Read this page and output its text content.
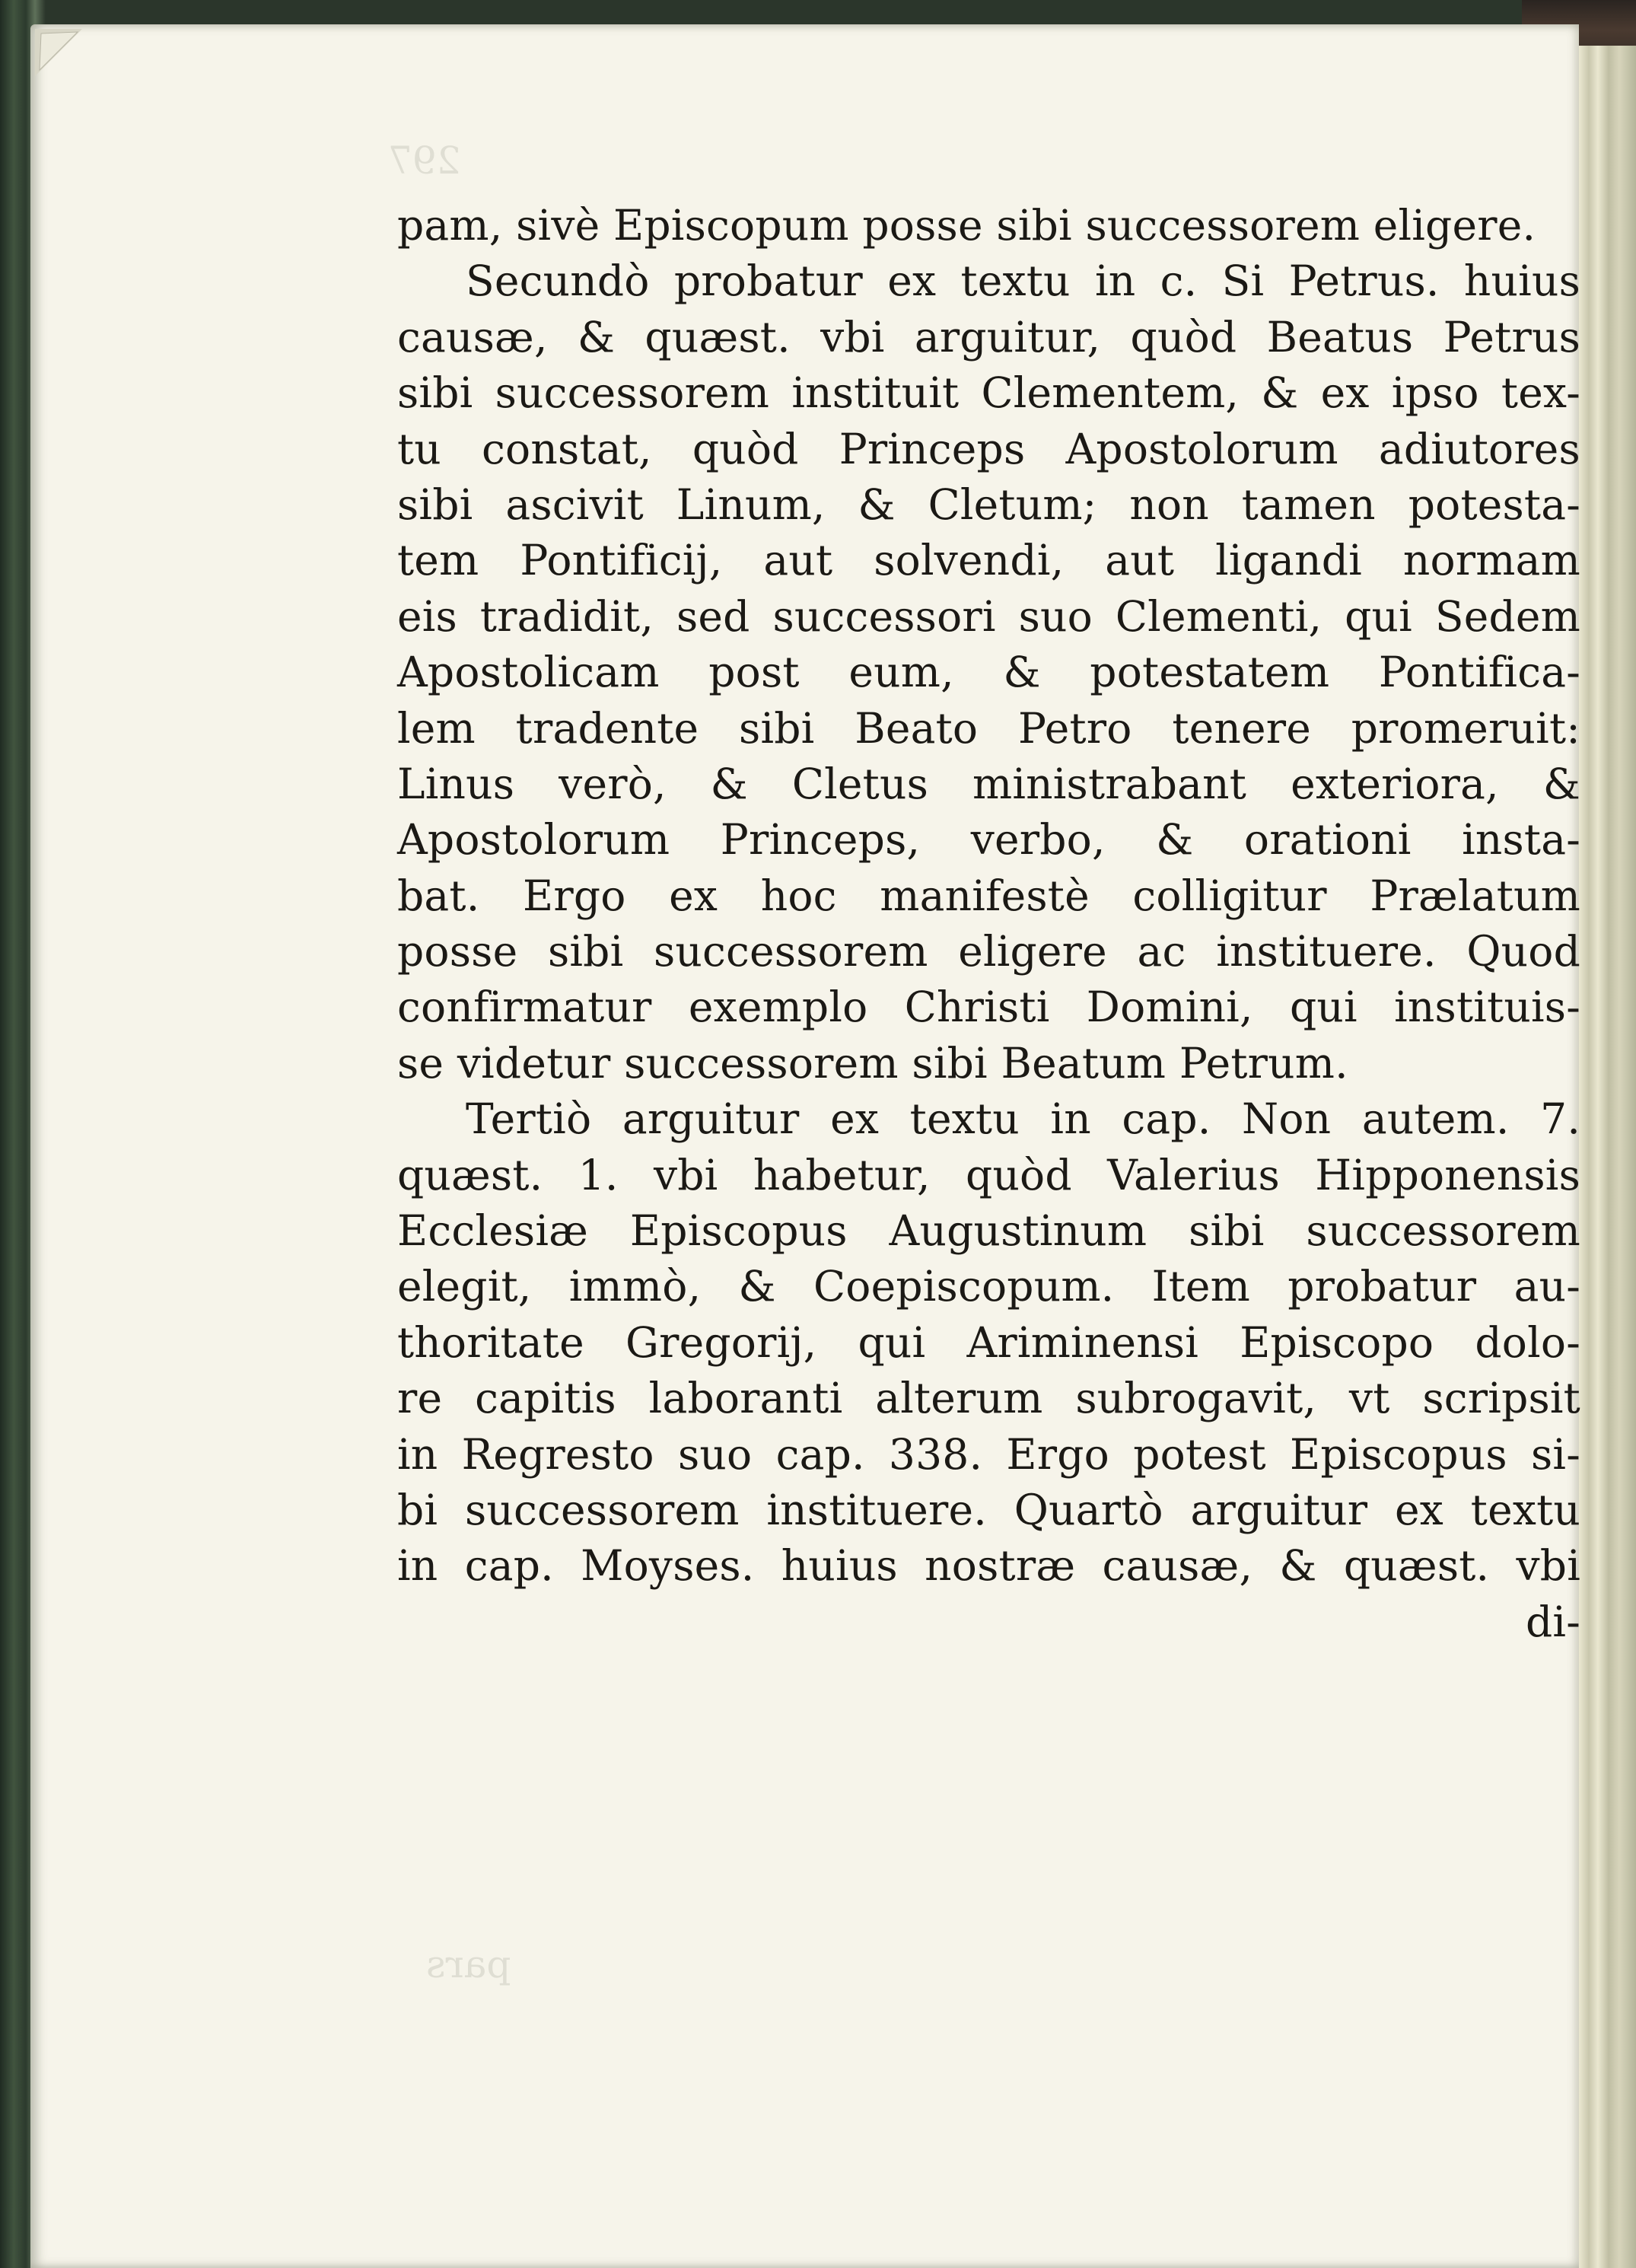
297
pars
pam, sivè Episcopum posse sibi successorem eligere.
Secundò probatur ex textu in c. Si Petrus. huius
causæ, & quæst. vbi arguitur, quòd Beatus Petrus
sibi successorem instituit Clementem, & ex ipso tex-
tu constat, quòd Princeps Apostolorum adiutores
sibi ascivit Linum, & Cletum; non tamen potesta-
tem Pontificij, aut solvendi, aut ligandi normam
eis tradidit, sed successori suo Clementi, qui Sedem
Apostolicam post eum, & potestatem Pontifica-
lem tradente sibi Beato Petro tenere promeruit:
Linus verò, & Cletus ministrabant exteriora, &
Apostolorum Princeps, verbo, & orationi insta-
bat. Ergo ex hoc manifestè colligitur Prælatum
posse sibi successorem eligere ac instituere. Quod
confirmatur exemplo Christi Domini, qui instituis-
se videtur successorem sibi Beatum Petrum.
Tertiò arguitur ex textu in cap. Non autem. 7.
quæst. 1. vbi habetur, quòd Valerius Hipponensis
Ecclesiæ Episcopus Augustinum sibi successorem
elegit, immò, & Coepiscopum. Item probatur au-
thoritate Gregorij, qui Ariminensi Episcopo dolo-
re capitis laboranti alterum subrogavit, vt scripsit
in Regresto suo cap. 338. Ergo potest Episcopus si-
bi successorem instituere. Quartò arguitur ex textu
in cap. Moyses. huius nostræ causæ, & quæst. vbi
di-
